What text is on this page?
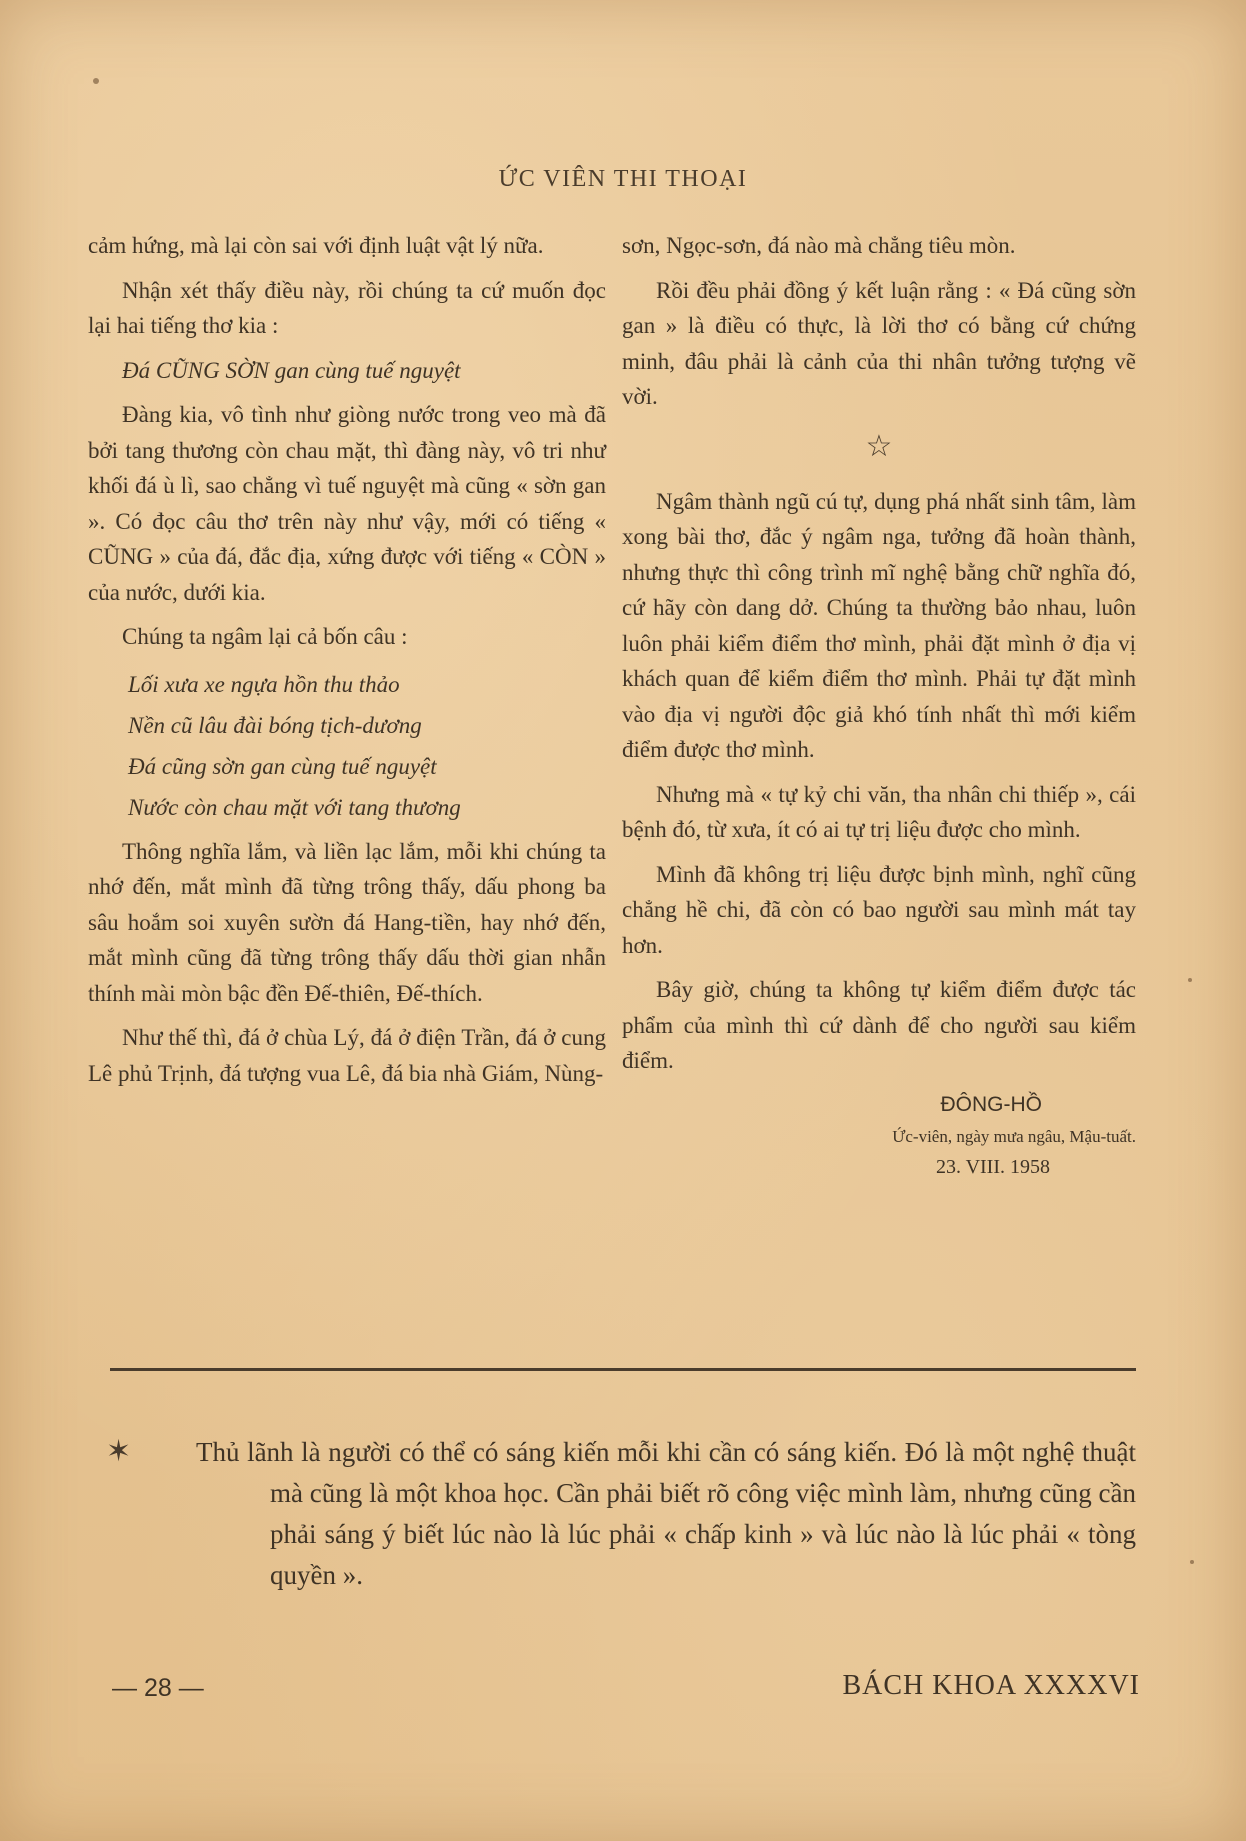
ỨC VIÊN THI THOẠI

cảm hứng, mà lại còn sai với định luật vật lý nữa.

Nhận xét thấy điều này, rồi chúng ta cứ muốn đọc lại hai tiếng thơ kia :

Đá CŨNG SỜN gan cùng tuế nguyệt

Đàng kia, vô tình như giòng nước trong veo mà đã bởi tang thương còn chau mặt, thì đàng này, vô tri như khối đá ù lì, sao chẳng vì tuế nguyệt mà cũng « sờn gan ». Có đọc câu thơ trên này như vậy, mới có tiếng « CŨNG » của đá, đắc địa, xứng được với tiếng « CÒN » của nước, dưới kia.

Chúng ta ngâm lại cả bốn câu :

Lối xưa xe ngựa hồn thu thảo
Nền cũ lâu đài bóng tịch-dương
Đá cũng sờn gan cùng tuế nguyệt
Nước còn chau mặt với tang thương

Thông nghĩa lắm, và liền lạc lắm, mỗi khi chúng ta nhớ đến, mắt mình đã từng trông thấy, dấu phong ba sâu hoắm soi xuyên sườn đá Hang-tiền, hay nhớ đến, mắt mình cũng đã từng trông thấy dấu thời gian nhẫn thính mài mòn bậc đền Đế-thiên, Đế-thích.

Như thế thì, đá ở chùa Lý, đá ở điện Trần, đá ở cung Lê phủ Trịnh, đá tượng vua Lê, đá bia nhà Giám, Nùng-

sơn, Ngọc-sơn, đá nào mà chẳng tiêu mòn.

Rồi đều phải đồng ý kết luận rằng : « Đá cũng sờn gan » là điều có thực, là lời thơ có bằng cứ chứng minh, đâu phải là cảnh của thi nhân tưởng tượng vẽ vời.

☆

Ngâm thành ngũ cú tự, dụng phá nhất sinh tâm, làm xong bài thơ, đắc ý ngâm nga, tưởng đã hoàn thành, nhưng thực thì công trình mĩ nghệ bằng chữ nghĩa đó, cứ hãy còn dang dở. Chúng ta thường bảo nhau, luôn luôn phải kiểm điểm thơ mình, phải đặt mình ở địa vị khách quan để kiểm điểm thơ mình. Phải tự đặt mình vào địa vị người độc giả khó tính nhất thì mới kiểm điểm được thơ mình.

Nhưng mà « tự kỷ chi văn, tha nhân chi thiếp », cái bệnh đó, từ xưa, ít có ai tự trị liệu được cho mình.

Mình đã không trị liệu được bịnh mình, nghĩ cũng chẳng hề chi, đã còn có bao người sau mình mát tay hơn.

Bây giờ, chúng ta không tự kiểm điểm được tác phẩm của mình thì cứ dành để cho người sau kiểm điểm.

ĐÔNG-HỒ
Ức-viên, ngày mưa ngâu, Mậu-tuất.
23. VIII. 1958
✶	Thủ lãnh là người có thể có sáng kiến mỗi khi cần có sáng kiến. Đó là một nghệ thuật mà cũng là một khoa học. Cần phải biết rõ công việc mình làm, nhưng cũng cần phải sáng ý biết lúc nào là lúc phải « chấp kinh » và lúc nào là lúc phải « tòng quyền ».

— 28 —	BÁCH KHOA XXXXVI
